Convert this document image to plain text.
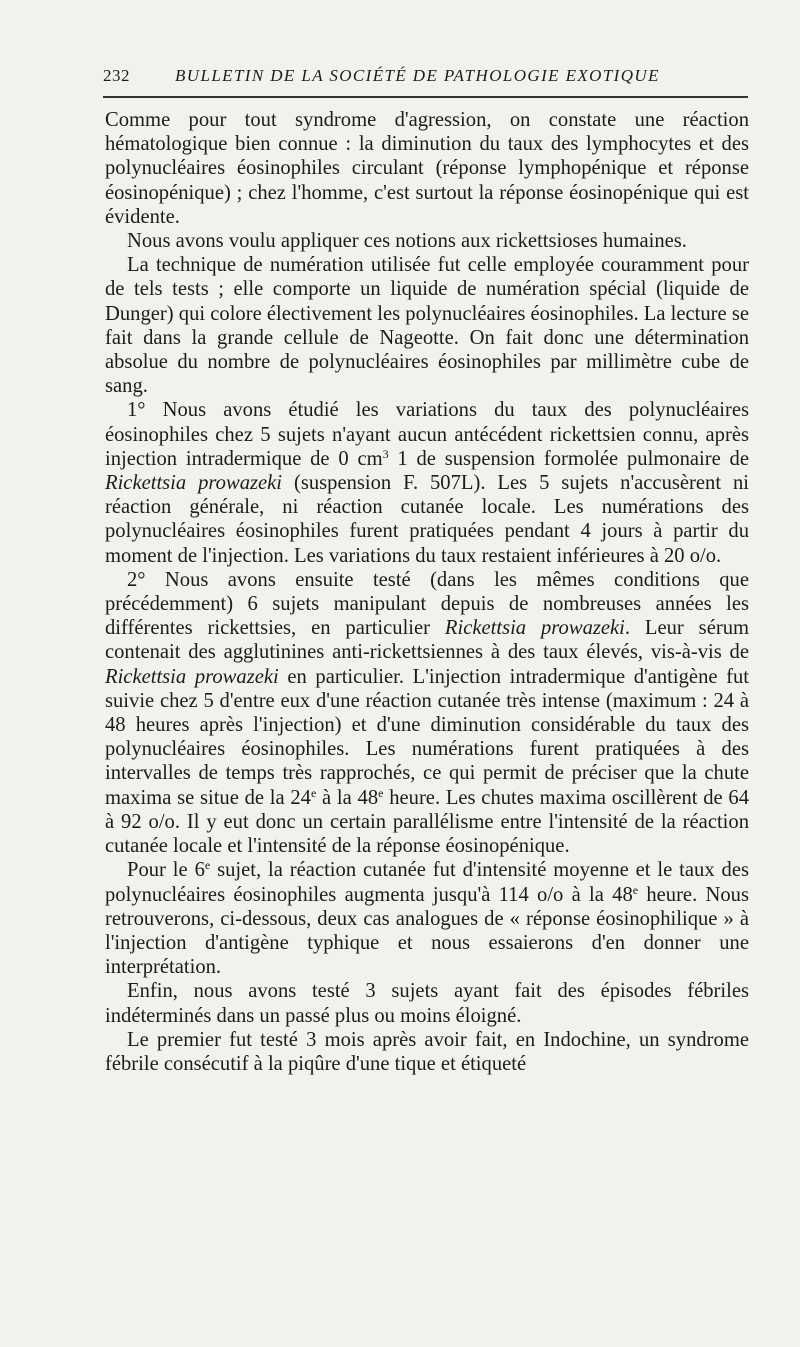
232	BULLETIN DE LA SOCIÉTÉ DE PATHOLOGIE EXOTIQUE

Comme pour tout syndrome d'agression, on constate une réaction hématologique bien connue : la diminution du taux des lymphocytes et des polynucléaires éosinophiles circulant (réponse lymphopénique et réponse éosinopénique) ; chez l'homme, c'est surtout la réponse éosinopénique qui est évidente.

Nous avons voulu appliquer ces notions aux rickettsioses humaines.

La technique de numération utilisée fut celle employée couramment pour de tels tests ; elle comporte un liquide de numération spécial (liquide de Dunger) qui colore électivement les polynucléaires éosinophiles. La lecture se fait dans la grande cellule de Nageotte. On fait donc une détermination absolue du nombre de polynucléaires éosinophiles par millimètre cube de sang.

1° Nous avons étudié les variations du taux des polynucléaires éosinophiles chez 5 sujets n'ayant aucun antécédent rickettsien connu, après injection intradermique de 0 $cm^3$ 1 de suspension formolée pulmonaire de Rickettsia prowazeki (suspension F. 507L). Les 5 sujets n'accusèrent ni réaction générale, ni réaction cutanée locale. Les numérations des polynucléaires éosinophiles furent pratiquées pendant 4 jours à partir du moment de l'injection. Les variations du taux restaient inférieures à 20 o/o.

2° Nous avons ensuite testé (dans les mêmes conditions que précédemment) 6 sujets manipulant depuis de nombreuses années les différentes rickettsies, en particulier Rickettsia prowazeki. Leur sérum contenait des agglutinines anti-rickettsiennes à des taux élevés, vis-à-vis de Rickettsia prowazeki en particulier. L'injection intradermique d'antigène fut suivie chez 5 d'entre eux d'une réaction cutanée très intense (maximum : 24 à 48 heures après l'injection) et d'une diminution considérable du taux des polynucléaires éosinophiles. Les numérations furent pratiquées à des intervalles de temps très rapprochés, ce qui permit de préciser que la chute maxima se situe de la 24e à la 48e heure. Les chutes maxima oscillèrent de 64 à 92 o/o. Il y eut donc un certain parallélisme entre l'intensité de la réaction cutanée locale et l'intensité de la réponse éosinopénique.

Pour le 6e sujet, la réaction cutanée fut d'intensité moyenne et le taux des polynucléaires éosinophiles augmenta jusqu'à 114 o/o à la 48e heure. Nous retrouverons, ci-dessous, deux cas analogues de « réponse éosinophilique » à l'injection d'antigène typhique et nous essaierons d'en donner une interprétation.

Enfin, nous avons testé 3 sujets ayant fait des épisodes fébriles indéterminés dans un passé plus ou moins éloigné.

Le premier fut testé 3 mois après avoir fait, en Indochine, un syndrome fébrile consécutif à la piqûre d'une tique et étiqueté
